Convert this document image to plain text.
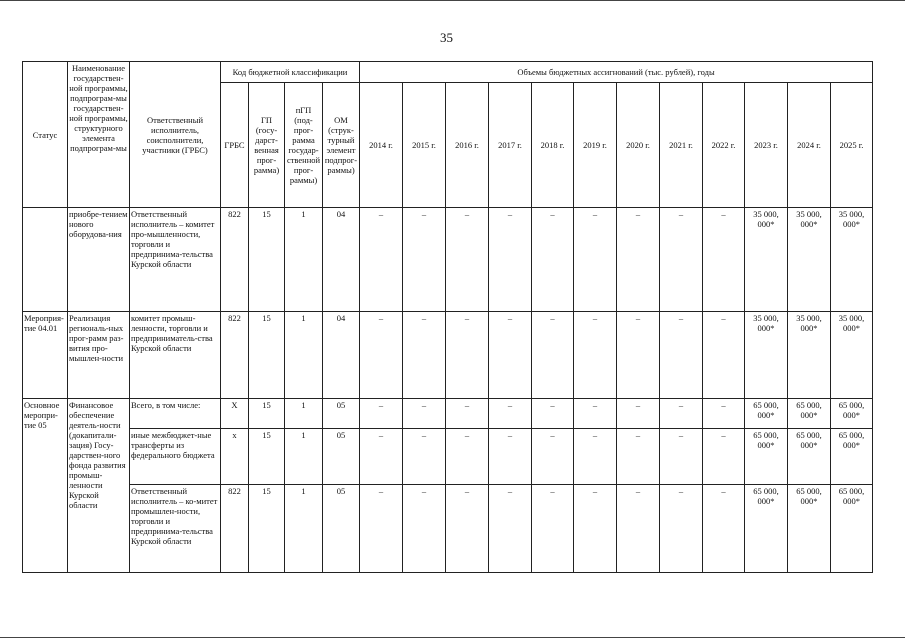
35
Статус	Наименование государствен-ной программы, подпрограм-мы государствен-ной программы, структурного элемента подпрограм-мы	Ответственный исполнитель, соисполнители, участники (ГРБС)	Код бюджетной классификации				Объемы бюджетных ассигнований (тыс. рублей), годы											
			ГРБС	ГП (госу-дарст-венная прог-рамма)	пГП (под-прог-рамма государ-ственной прог-раммы)	ОМ (струк-турный элемент подпрог-раммы)	2014 г.	2015 г.	2016 г.	2017 г.	2018 г.	2019 г.	2020 г.	2021 г.	2022 г.	2023 г.	2024 г.	2025 г.
	приобре-тением нового оборудова-ния	Ответственный исполнитель – комитет про-мышленности, торговли и предпринима-тельства Курской области	822	15	1	04	–	–	–	–	–	–	–	–	–	35 000, 000*	35 000, 000*	35 000, 000*
Мероприя-тие 04.01	Реализация региональ-ных прог-рамм раз-вития про-мышлен-ности	комитет промыш-ленности, торговли и предприниматель-ства Курской области	822	15	1	04	–	–	–	–	–	–	–	–	–	35 000, 000*	35 000, 000*	35 000, 000*
Основное меропри-тие 05	Финансовое обеспечение деятель-ности (докапитали-зация) Госу-дарствен-ного фонда развития промыш-ленности Курской области	Всего, в том числе:	Х	15	1	05	–	–	–	–	–	–	–	–	–	65 000, 000*	65 000, 000*	65 000, 000*
		иные межбюджет-ные трансферты из федерального бюджета	х	15	1	05	–	–	–	–	–	–	–	–	–	65 000, 000*	65 000, 000*	65 000, 000*
		Ответственный исполнитель – ко-митет промышлен-ности, торговли и предпринима-тельства Курской области	822	15	1	05	–	–	–	–	–	–	–	–	–	65 000, 000*	65 000, 000*	65 000, 000*
